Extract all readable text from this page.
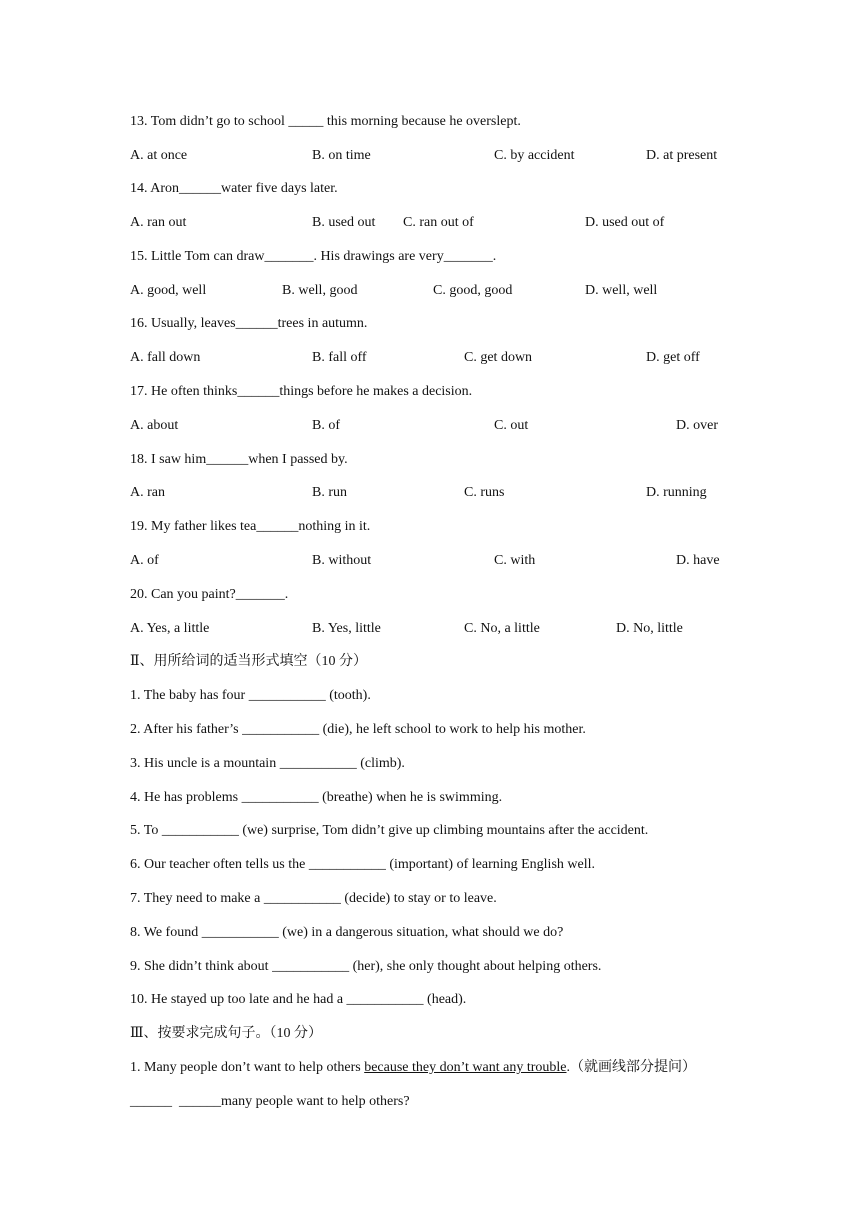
13. Tom didn’t go to school _____ this morning because he overslept.
A. at once	B. on time	C. by accident	D. at present
14. Aron______water five days later.
A. ran out	B. used out C. ran out of	D. used out of
15. Little Tom can draw_______. His drawings are very_______.
A. good, well	B. well, good	C. good, good	D. well, well
16. Usually, leaves______trees in autumn.
A. fall down	B. fall off	C. get down	D. get off
17. He often thinks______things before he makes a decision.
A. about	B. of	C. out	D. over
18. I saw him______when I passed by.
A. ran	B. run	C. runs	D. running
19. My father likes tea______nothing in it.
A. of	B. without	C. with	D. have
20. Can you paint?_______.
A. Yes, a little	B. Yes, little	C. No, a little	D. No, little
Ⅱ、用所给词的适当形式填空（10 分）
1. The baby has four ___________ (tooth).
2. After his father’s ___________ (die), he left school to work to help his mother.
3. His uncle is a mountain ___________ (climb).
4. He has problems ___________ (breathe) when he is swimming.
5. To ___________ (we) surprise, Tom didn’t give up climbing mountains after the accident.
6. Our teacher often tells us the ___________ (important) of learning English well.
7. They need to make a ___________ (decide) to stay or to leave.
8. We found ___________ (we) in a dangerous situation, what should we do?
9. She didn’t think about ___________ (her), she only thought about helping others.
10. He stayed up too late and he had a ___________ (head).
Ⅲ、按要求完成句子。（10 分）
1. Many people don’t want to help others because they don’t want any trouble.（就画线部分提问）
______  ______many people want to help others?
